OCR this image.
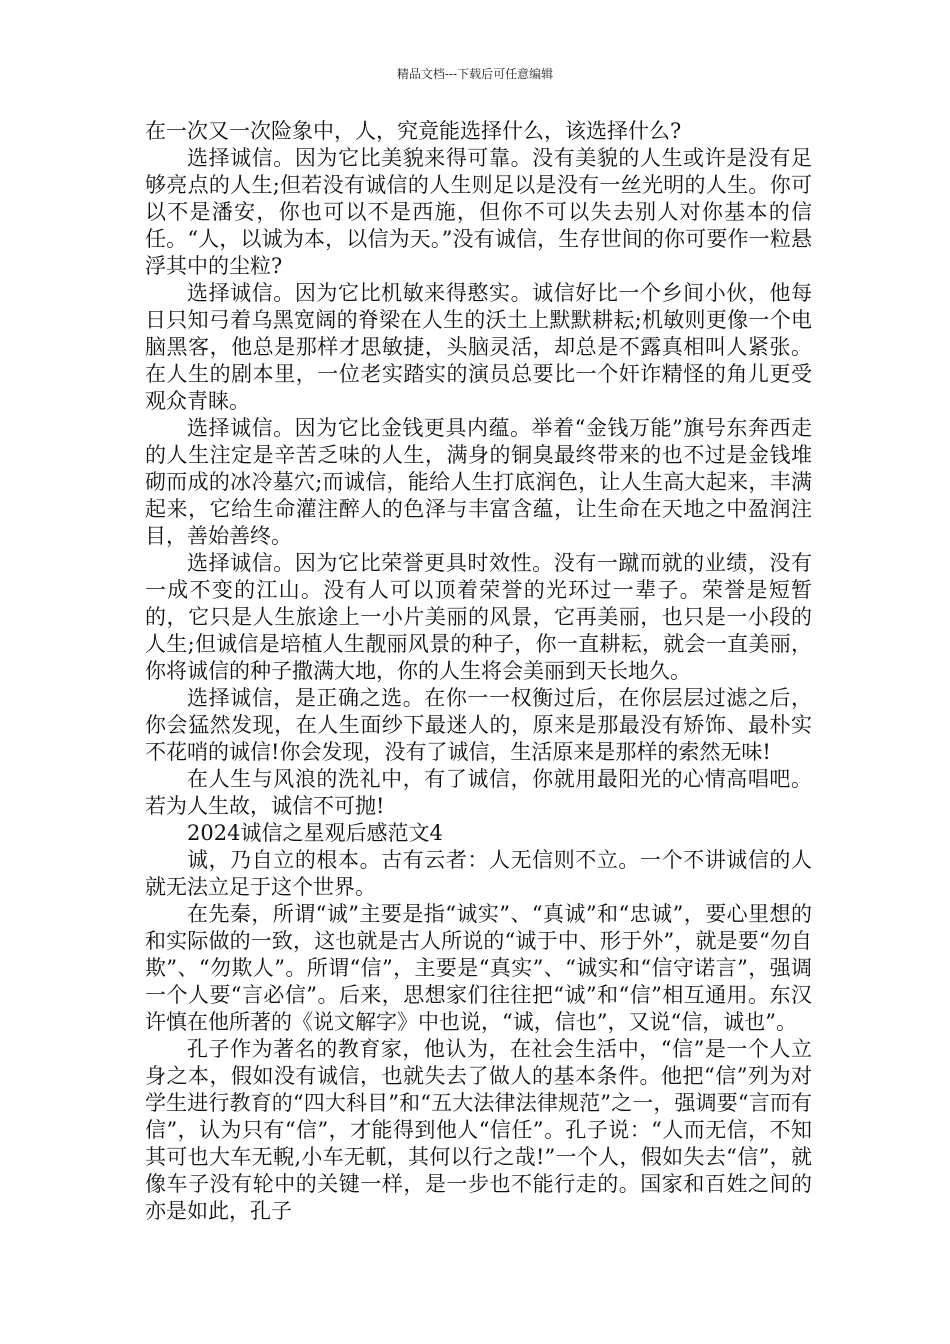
精品文档---下载后可任意编辑

在一次又一次险象中，人，究竟能选择什么，该选择什么?

选择诚信。因为它比美貌来得可靠。没有美貌的人生或许是没有足够亮点的人生;但若没有诚信的人生则足以是没有一丝光明的人生。你可以不是潘安，你也可以不是西施，但你不可以失去别人对你基本的信任。“人，以诚为本，以信为天。”没有诚信，生存世间的你可要作一粒悬浮其中的尘粒?

选择诚信。因为它比机敏来得憨实。诚信好比一个乡间小伙，他每日只知弓着乌黑宽阔的脊梁在人生的沃土上默默耕耘;机敏则更像一个电脑黑客，他总是那样才思敏捷，头脑灵活，却总是不露真相叫人紧张。在人生的剧本里，一位老实踏实的演员总要比一个奸诈精怪的角儿更受观众青睐。

选择诚信。因为它比金钱更具内蕴。举着“金钱万能”旗号东奔西走的人生注定是辛苦乏味的人生，满身的铜臭最终带来的也不过是金钱堆砌而成的冰冷墓穴;而诚信，能给人生打底润色，让人生高大起来，丰满起来，它给生命灌注醉人的色泽与丰富含蕴，让生命在天地之中盈润注目，善始善终。

选择诚信。因为它比荣誉更具时效性。没有一蹴而就的业绩，没有一成不变的江山。没有人可以顶着荣誉的光环过一辈子。荣誉是短暂的，它只是人生旅途上一小片美丽的风景，它再美丽，也只是一小段的人生;但诚信是培植人生靓丽风景的种子，你一直耕耘，就会一直美丽，你将诚信的种子撒满大地，你的人生将会美丽到天长地久。

选择诚信，是正确之选。在你一一权衡过后，在你层层过滤之后，你会猛然发现，在人生面纱下最迷人的，原来是那最没有矫饰、最朴实不花哨的诚信!你会发现，没有了诚信，生活原来是那样的索然无味!

在人生与风浪的洗礼中，有了诚信，你就用最阳光的心情高唱吧。若为人生故，诚信不可抛!

2024诚信之星观后感范文4

诚，乃自立的根本。古有云者：人无信则不立。一个不讲诚信的人就无法立足于这个世界。

在先秦，所谓“诚”主要是指“诚实”、“真诚”和“忠诚”，要心里想的和实际做的一致，这也就是古人所说的“诚于中、形于外”，就是要“勿自欺”、“勿欺人”。所谓“信”，主要是“真实”、“诚实和“信守诺言”，强调一个人要“言必信”。后来，思想家们往往把“诚”和“信”相互通用。东汉许慎在他所著的《说文解字》中也说，“诚，信也”，又说“信，诚也”。

孔子作为著名的教育家，他认为，在社会生活中，“信”是一个人立身之本，假如没有诚信，也就失去了做人的基本条件。他把“信”列为对学生进行教育的“四大科目”和“五大法律法律规范”之一，强调要“言而有信”，认为只有“信”，才能得到他人“信任”。孔子说：“人而无信，不知其可也大车无輗,小车无軏，其何以行之哉!”一个人，假如失去“信”，就像车子没有轮中的关键一样，是一步也不能行走的。国家和百姓之间的亦是如此，孔子
